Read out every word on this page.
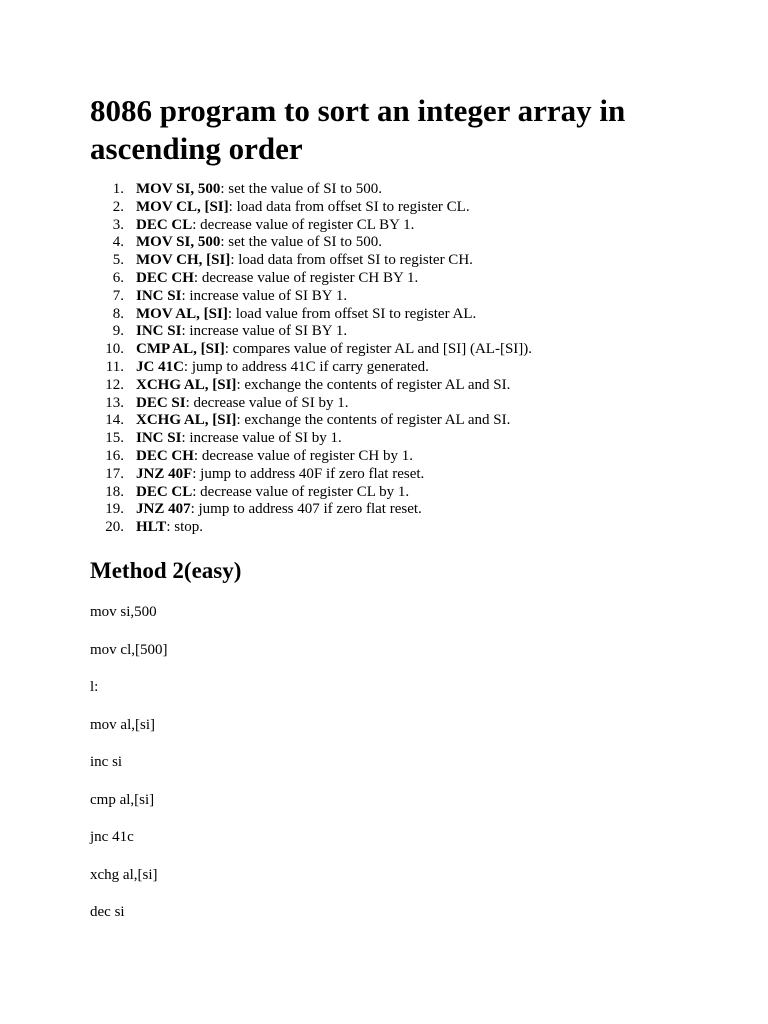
8086 program to sort an integer array in ascending order
1. MOV SI, 500: set the value of SI to 500.
2. MOV CL, [SI]: load data from offset SI to register CL.
3. DEC CL: decrease value of register CL BY 1.
4. MOV SI, 500: set the value of SI to 500.
5. MOV CH, [SI]: load data from offset SI to register CH.
6. DEC CH: decrease value of register CH BY 1.
7. INC SI: increase value of SI BY 1.
8. MOV AL, [SI]: load value from offset SI to register AL.
9. INC SI: increase value of SI BY 1.
10. CMP AL, [SI]: compares value of register AL and [SI] (AL-[SI]).
11. JC 41C: jump to address 41C if carry generated.
12. XCHG AL, [SI]: exchange the contents of register AL and SI.
13. DEC SI: decrease value of SI by 1.
14. XCHG AL, [SI]: exchange the contents of register AL and SI.
15. INC SI: increase value of SI by 1.
16. DEC CH: decrease value of register CH by 1.
17. JNZ 40F: jump to address 40F if zero flat reset.
18. DEC CL: decrease value of register CL by 1.
19. JNZ 407: jump to address 407 if zero flat reset.
20. HLT: stop.
Method 2(easy)
mov si,500
mov cl,[500]
l:
mov al,[si]
inc si
cmp al,[si]
jnc 41c
xchg al,[si]
dec si
